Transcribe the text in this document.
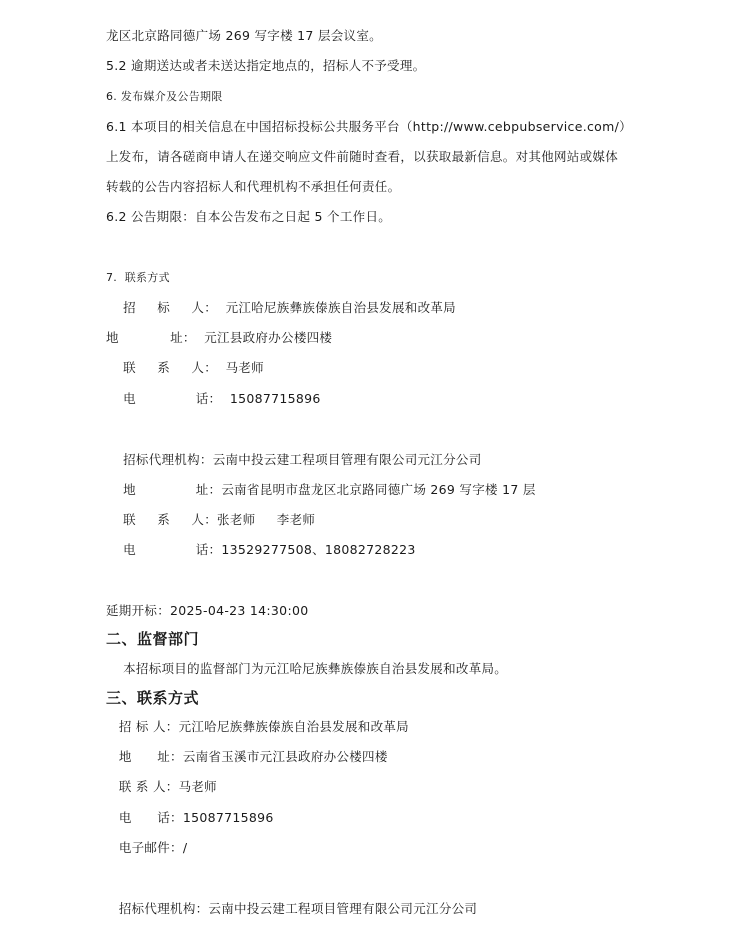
龙区北京路同德广场 269 写字楼 17 层会议室。
5.2 逾期送达或者未送达指定地点的，招标人不予受理。
6. 发布媒介及公告期限
6.1 本项目的相关信息在中国招标投标公共服务平台（http://www.cebpubservice.com/）
上发布，请各磋商申请人在递交响应文件前随时查看，以获取最新信息。对其他网站或媒体
转载的公告内容招标人和代理机构不承担任何责任。
6.2 公告期限：自本公告发布之日起 5 个工作日。
7.  联系方式
招     标     人：  元江哈尼族彝族傣族自治县发展和改革局
地            址：  元江县政府办公楼四楼
联     系     人：  马老师
电              话：  15087715896
招标代理机构：云南中投云建工程项目管理有限公司元江分公司
地              址：云南省昆明市盘龙区北京路同德广场 269 写字楼 17 层
联     系     人：张老师     李老师
电              话：13529277508、18082728223
延期开标：2025-04-23 14:30:00
二、监督部门
本招标项目的监督部门为元江哈尼族彝族傣族自治县发展和改革局。
三、联系方式
招 标 人：元江哈尼族彝族傣族自治县发展和改革局
地      址：云南省玉溪市元江县政府办公楼四楼
联 系 人：马老师
电      话：15087715896
电子邮件：/
招标代理机构：云南中投云建工程项目管理有限公司元江分公司
